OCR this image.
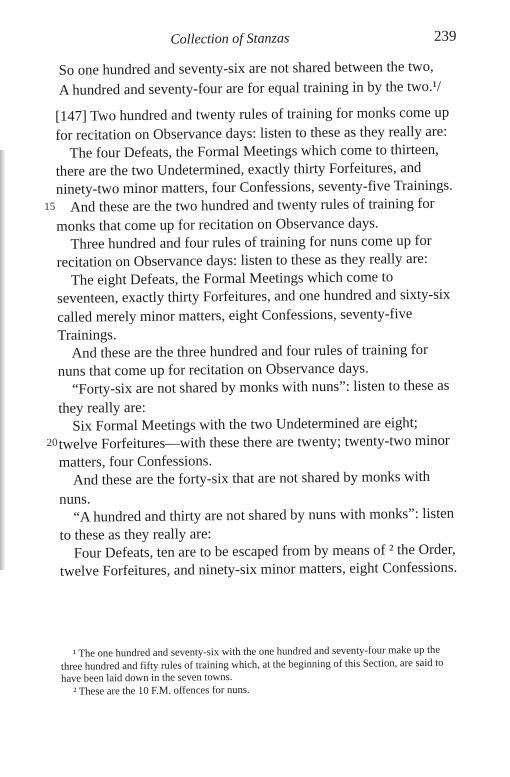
Collection of Stanzas	239
15
20

So one hundred and seventy-six are not shared between the two,

A hundred and seventy-four are for equal training in by the two.¹/

[147] Two hundred and twenty rules of training for monks come up for recitation on Observance days: listen to these as they really are:

The four Defeats, the Formal Meetings which come to thirteen, there are the two Undetermined, exactly thirty Forfeitures, and ninety-two minor matters, four Confessions, seventy-five Trainings.

And these are the two hundred and twenty rules of training for monks that come up for recitation on Observance days.

Three hundred and four rules of training for nuns come up for recitation on Observance days: listen to these as they really are:

The eight Defeats, the Formal Meetings which come to seventeen, exactly thirty Forfeitures, and one hundred and sixty-six called merely minor matters, eight Confessions, seventy-five Trainings.

And these are the three hundred and four rules of training for nuns that come up for recitation on Observance days.

“Forty-six are not shared by monks with nuns”: listen to these as they really are:

Six Formal Meetings with the two Undetermined are eight; twelve Forfeitures—with these there are twenty; twenty-two minor matters, four Confessions.

And these are the forty-six that are not shared by monks with nuns.

“A hundred and thirty are not shared by nuns with monks”: listen to these as they really are:

Four Defeats, ten are to be escaped from by means of ² the Order, twelve Forfeitures, and ninety-six minor matters, eight Confessions.

¹ The one hundred and seventy-six with the one hundred and seventy-four make up the three hundred and fifty rules of training which, at the beginning of this Section, are said to have been laid down in the seven towns.

² These are the 10 F.M. offences for nuns.
